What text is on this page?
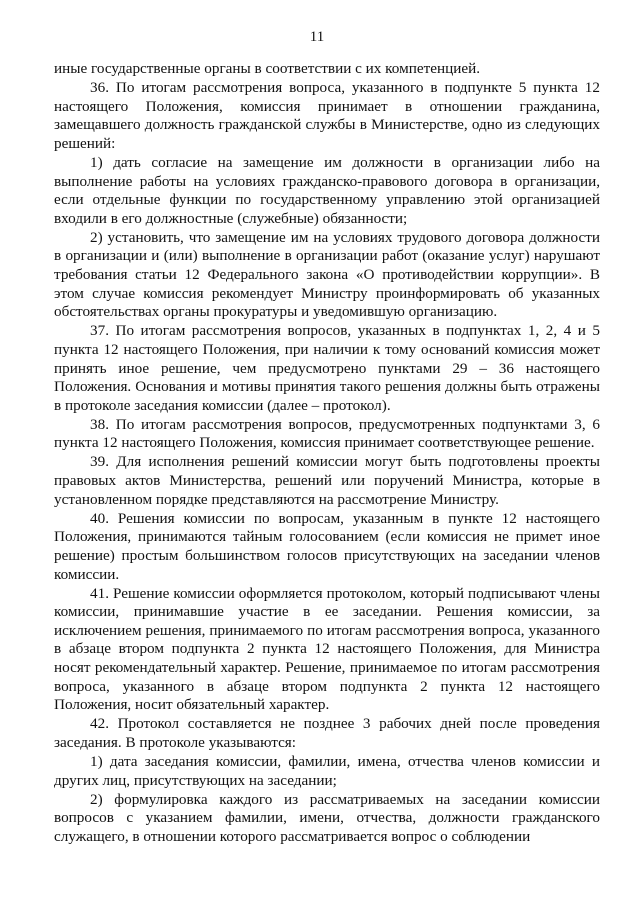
11

иные государственные органы в соответствии с их компетенцией.

36. По итогам рассмотрения вопроса, указанного в подпункте 5 пункта 12 настоящего Положения, комиссия принимает в отношении гражданина, замещавшего должность гражданской службы в Министерстве, одно из следующих решений:

1) дать согласие на замещение им должности в организации либо на выполнение работы на условиях гражданско-правового договора в организации, если отдельные функции по государственному управлению этой организацией входили в его должностные (служебные) обязанности;

2) установить, что замещение им на условиях трудового договора должности в организации и (или) выполнение в организации работ (оказание услуг) нарушают требования статьи 12 Федерального закона «О противодействии коррупции». В этом случае комиссия рекомендует Министру проинформировать об указанных обстоятельствах органы прокуратуры и уведомившую организацию.

37. По итогам рассмотрения вопросов, указанных в подпунктах 1, 2, 4 и 5 пункта 12 настоящего Положения, при наличии к тому оснований комиссия может принять иное решение, чем предусмотрено пунктами 29 – 36 настоящего Положения. Основания и мотивы принятия такого решения должны быть отражены в протоколе заседания комиссии (далее – протокол).

38. По итогам рассмотрения вопросов, предусмотренных подпунктами 3, 6 пункта 12 настоящего Положения, комиссия принимает соответствующее решение.

39. Для исполнения решений комиссии могут быть подготовлены проекты правовых актов Министерства, решений или поручений Министра, которые в установленном порядке представляются на рассмотрение Министру.

40. Решения комиссии по вопросам, указанным в пункте 12 настоящего Положения, принимаются тайным голосованием (если комиссия не примет иное решение) простым большинством голосов присутствующих на заседании членов комиссии.

41. Решение комиссии оформляется протоколом, который подписывают члены комиссии, принимавшие участие в ее заседании. Решения комиссии, за исключением решения, принимаемого по итогам рассмотрения вопроса, указанного в абзаце втором подпункта 2 пункта 12 настоящего Положения, для Министра носят рекомендательный характер. Решение, принимаемое по итогам рассмотрения вопроса, указанного в абзаце втором подпункта 2 пункта 12 настоящего Положения, носит обязательный характер.

42. Протокол составляется не позднее 3 рабочих дней после проведения заседания. В протоколе указываются:

1) дата заседания комиссии, фамилии, имена, отчества членов комиссии и других лиц, присутствующих на заседании;

2) формулировка каждого из рассматриваемых на заседании комиссии вопросов с указанием фамилии, имени, отчества, должности гражданского служащего, в отношении которого рассматривается вопрос о соблюдении
